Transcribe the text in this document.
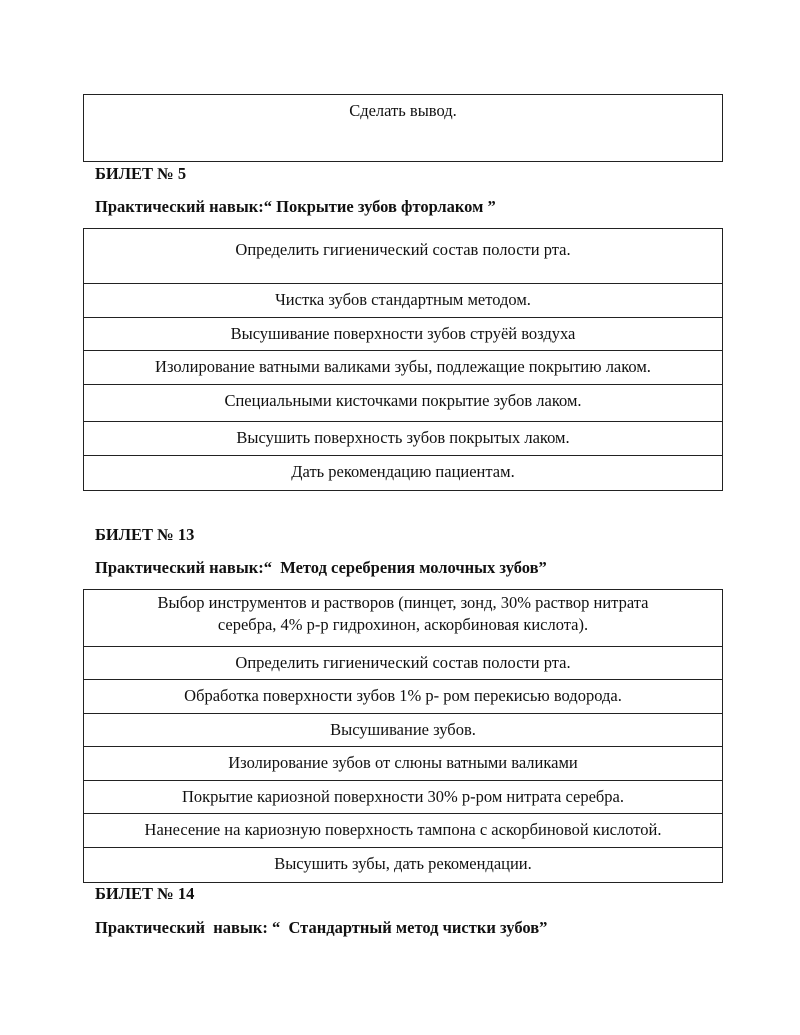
Сделать вывод.
БИЛЕТ № 5
Практический навык:“ Покрытие зубов фторлаком ”
Определить гигиенический состав полости рта.
Чистка зубов стандартным методом.
Высушивание поверхности зубов струёй воздуха
Изолирование ватными валиками зубы, подлежащие покрытию лаком.
Специальными кисточками покрытие зубов лаком.
Высушить поверхность зубов покрытых лаком.
Дать рекомендацию пациентам.
БИЛЕТ № 13
Практический навык:“  Метод серебрения молочных зубов”
Выбор инструментов и растворов (пинцет, зонд, 30% раствор нитрата серебра, 4% р-р гидрохинон, аскорбиновая кислота).
Определить гигиенический состав полости рта.
Обработка поверхности зубов 1% р- ром перекисью водорода.
Высушивание зубов.
Изолирование зубов от слюны ватными валиками
Покрытие кариозной поверхности 30% р-ром нитрата серебра.
Нанесение на кариозную поверхность тампона с аскорбиновой кислотой.
Высушить зубы, дать рекомендации.
БИЛЕТ № 14
Практический  навык: “  Стандартный метод чистки зубов”
